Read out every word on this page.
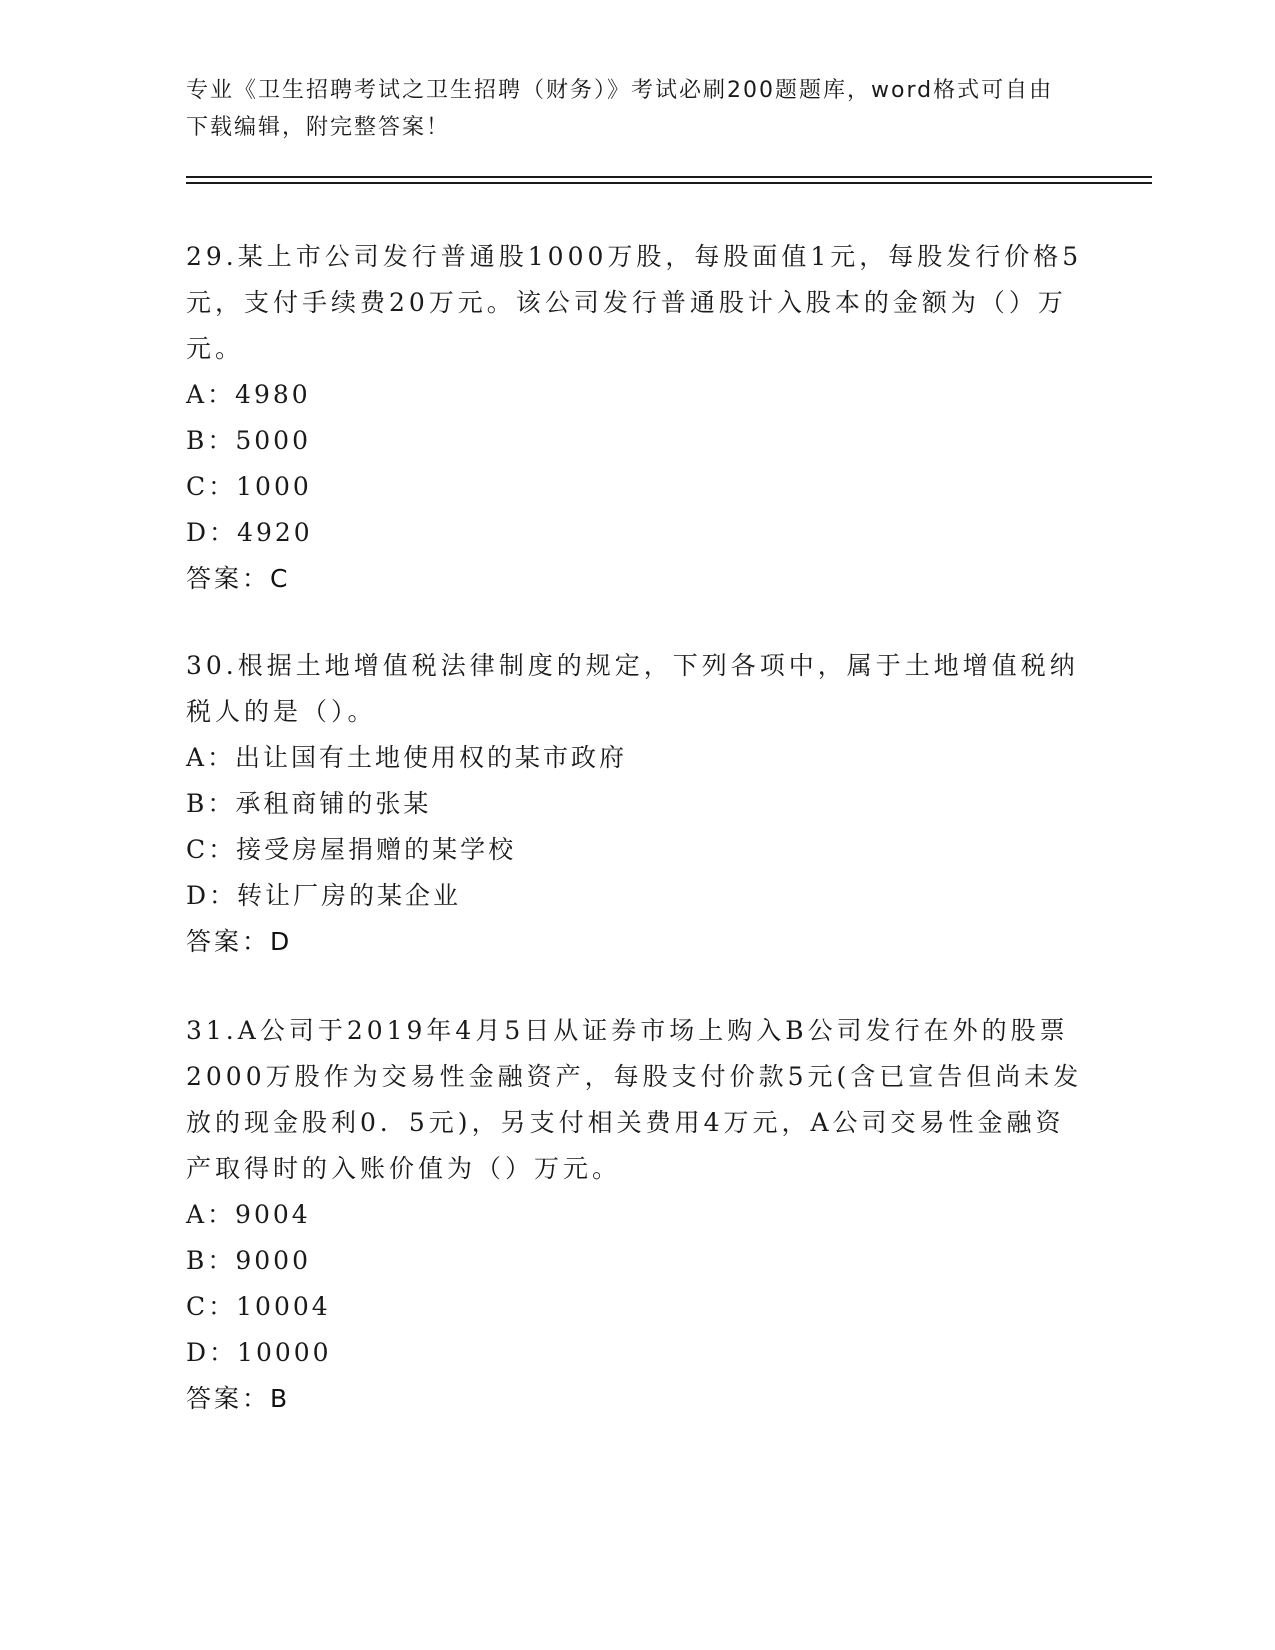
专业《卫生招聘考试之卫生招聘（财务）》考试必刷200题题库，word格式可自由下载编辑，附完整答案！

29.某上市公司发行普通股1000万股，每股面值1元，每股发行价格5元，支付手续费20万元。该公司发行普通股计入股本的金额为（）万元。

A：4980

B：5000

C：1000

D：4920

答案：C

30.根据土地增值税法律制度的规定，下列各项中，属于土地增值税纳税人的是（）。

A：出让国有土地使用权的某市政府

B：承租商铺的张某

C：接受房屋捐赠的某学校

D：转让厂房的某企业

答案：D

31.A公司于2019年4月5日从证券市场上购入B公司发行在外的股票2000万股作为交易性金融资产，每股支付价款5元(含已宣告但尚未发放的现金股利0．5元)，另支付相关费用4万元，A公司交易性金融资产取得时的入账价值为（）万元。

A：9004

B：9000

C：10004

D：10000

答案：B
